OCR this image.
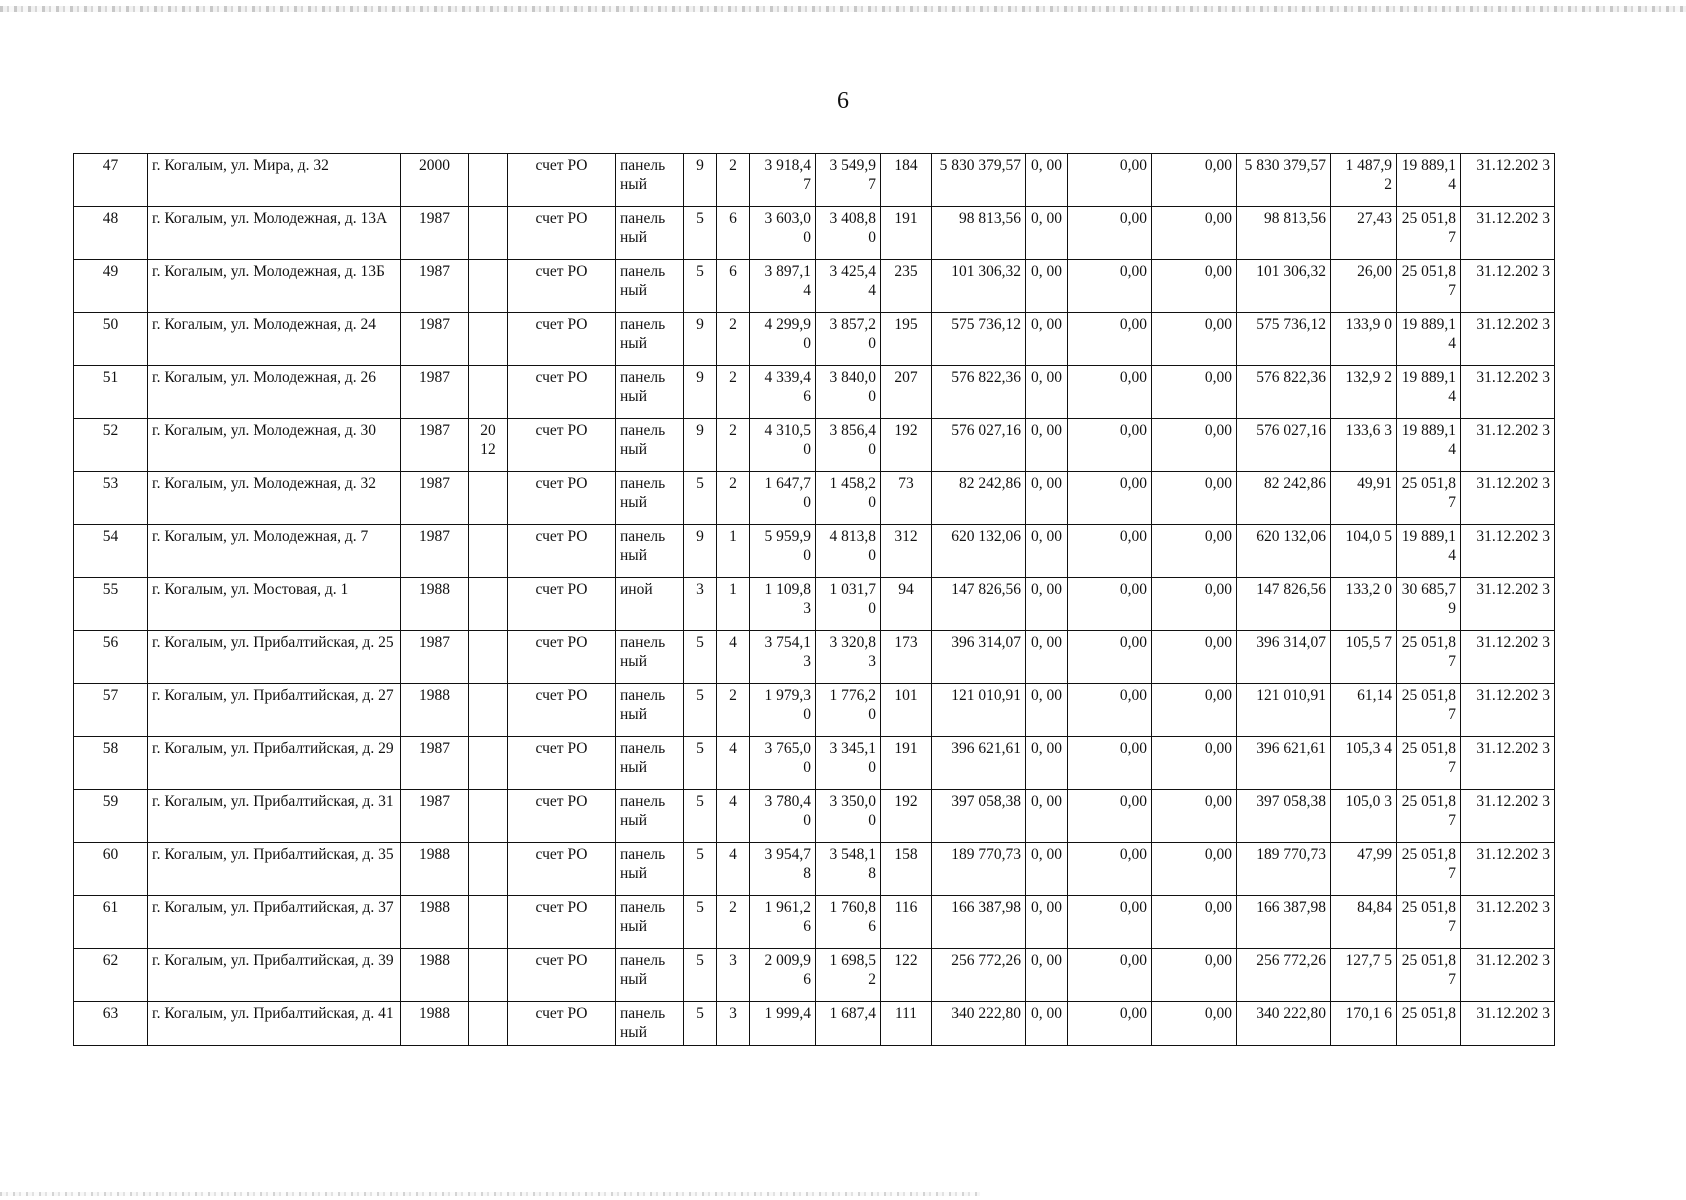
6
47	г. Когалым, ул. Мира, д. 32	2000		счет РО	панель ный	9	2	3 918,4 7	3 549,9 7	184	5 830 379,57	0, 00	0,00	0,00	5 830 379,57	1 487,9 2	19 889,1 4	31.12.202 3
48	г. Когалым, ул. Молодежная, д. 13А	1987		счет РО	панель ный	5	6	3 603,0 0	3 408,8 0	191	98 813,56	0, 00	0,00	0,00	98 813,56	27,43	25 051,8 7	31.12.202 3
49	г. Когалым, ул. Молодежная, д. 13Б	1987		счет РО	панель ный	5	6	3 897,1 4	3 425,4 4	235	101 306,32	0, 00	0,00	0,00	101 306,32	26,00	25 051,8 7	31.12.202 3
50	г. Когалым, ул. Молодежная, д. 24	1987		счет РО	панель ный	9	2	4 299,9 0	3 857,2 0	195	575 736,12	0, 00	0,00	0,00	575 736,12	133,9 0	19 889,1 4	31.12.202 3
51	г. Когалым, ул. Молодежная, д. 26	1987		счет РО	панель ный	9	2	4 339,4 6	3 840,0 0	207	576 822,36	0, 00	0,00	0,00	576 822,36	132,9 2	19 889,1 4	31.12.202 3
52	г. Когалым, ул. Молодежная, д. 30	1987	20 12	счет РО	панель ный	9	2	4 310,5 0	3 856,4 0	192	576 027,16	0, 00	0,00	0,00	576 027,16	133,6 3	19 889,1 4	31.12.202 3
53	г. Когалым, ул. Молодежная, д. 32	1987		счет РО	панель ный	5	2	1 647,7 0	1 458,2 0	73	82 242,86	0, 00	0,00	0,00	82 242,86	49,91	25 051,8 7	31.12.202 3
54	г. Когалым, ул. Молодежная, д. 7	1987		счет РО	панель ный	9	1	5 959,9 0	4 813,8 0	312	620 132,06	0, 00	0,00	0,00	620 132,06	104,0 5	19 889,1 4	31.12.202 3
55	г. Когалым, ул. Мостовая, д. 1	1988		счет РО	иной	3	1	1 109,8 3	1 031,7 0	94	147 826,56	0, 00	0,00	0,00	147 826,56	133,2 0	30 685,7 9	31.12.202 3
56	г. Когалым, ул. Прибалтийская, д. 25	1987		счет РО	панель ный	5	4	3 754,1 3	3 320,8 3	173	396 314,07	0, 00	0,00	0,00	396 314,07	105,5 7	25 051,8 7	31.12.202 3
57	г. Когалым, ул. Прибалтийская, д. 27	1988		счет РО	панель ный	5	2	1 979,3 0	1 776,2 0	101	121 010,91	0, 00	0,00	0,00	121 010,91	61,14	25 051,8 7	31.12.202 3
58	г. Когалым, ул. Прибалтийская, д. 29	1987		счет РО	панель ный	5	4	3 765,0 0	3 345,1 0	191	396 621,61	0, 00	0,00	0,00	396 621,61	105,3 4	25 051,8 7	31.12.202 3
59	г. Когалым, ул. Прибалтийская, д. 31	1987		счет РО	панель ный	5	4	3 780,4 0	3 350,0 0	192	397 058,38	0, 00	0,00	0,00	397 058,38	105,0 3	25 051,8 7	31.12.202 3
60	г. Когалым, ул. Прибалтийская, д. 35	1988		счет РО	панель ный	5	4	3 954,7 8	3 548,1 8	158	189 770,73	0, 00	0,00	0,00	189 770,73	47,99	25 051,8 7	31.12.202 3
61	г. Когалым, ул. Прибалтийская, д. 37	1988		счет РО	панель ный	5	2	1 961,2 6	1 760,8 6	116	166 387,98	0, 00	0,00	0,00	166 387,98	84,84	25 051,8 7	31.12.202 3
62	г. Когалым, ул. Прибалтийская, д. 39	1988		счет РО	панель ный	5	3	2 009,9 6	1 698,5 2	122	256 772,26	0, 00	0,00	0,00	256 772,26	127,7 5	25 051,8 7	31.12.202 3
63	г. Когалым, ул. Прибалтийская, д. 41	1988		счет РО	панель ный	5	3	1 999,4	1 687,4	111	340 222,80	0, 00	0,00	0,00	340 222,80	170,1 6	25 051,8	31.12.202 3
